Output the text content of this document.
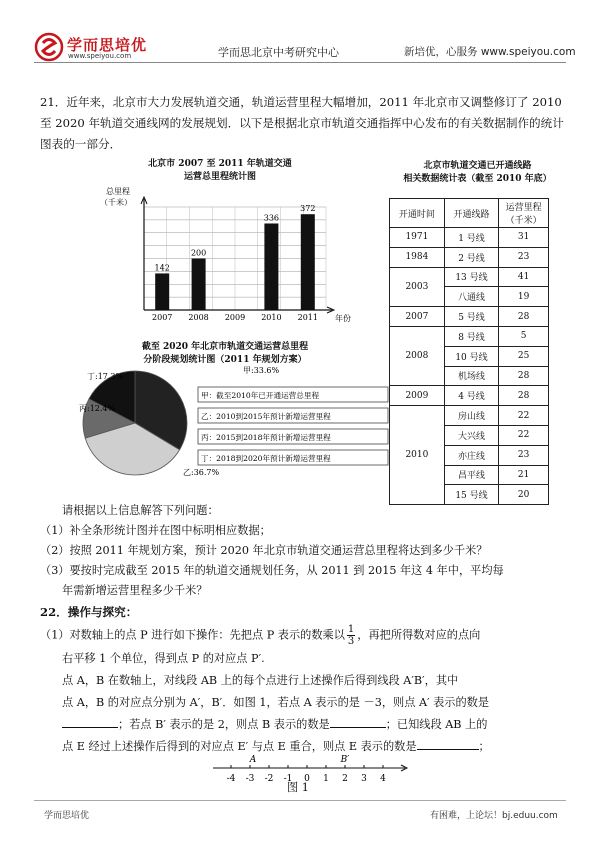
学而思培优
www.speiyou.com	学而思北京中考研究中心	新培优，心服务 www.speiyou.com
21．近年来，北京市大力发展轨道交通，轨道运营里程大幅增加，2011 年北京市又调整修订了 2010 至 2020 年轨道交通线网的发展规划．以下是根据北京市轨道交通指挥中心发布的有关数据制作的统计图表的一部分．
北京市 2007 至 2011 年轨道交通
运营总里程统计图
142
2007
200
2008 2009
336
2010
372
2011
总里程
（千米）
年份
截至 2020 年北京市轨道交通运营总里程
分阶段规划统计图（2011 年规划方案）
甲:33.6%
乙:36.7%
丙:12.4%
丁:17.3%
甲：截至2010年已开通运营总里程
乙：2010到2015年预计新增运营里程
丙：2015到2018年预计新增运营里程
丁：2018到2020年预计新增运营里程
北京市轨道交通已开通线路
相关数据统计表（截至 2010 年底）
开通时间	开通线路	运营里程
（千米）

1971	1 号线	31
1984	2 号线	23
2003	13 号线	41
	八通线	19
2007	5 号线	28
2008	8 号线	5
	10 号线	25
	机场线	28
2009	4 号线	28
2010	房山线	22
	大兴线	22
	亦庄线	23
	昌平线	21
	15 号线	20
请根据以上信息解答下列问题：
（1）补全条形统计图并在图中标明相应数据；
（2）按照 2011 年规划方案，预计 2020 年北京市轨道交通运营总里程将达到多少千米？
（3）要按时完成截至 2015 年的轨道交通规划任务，从 2011 到 2015 年这 4 年中，平均每
年需新增运营里程多少千米？
22．操作与探究：
（1）对数轴上的点 P 进行如下操作：先把点 P 表示的数乘以 $\frac{1}{3}$ ，再把所得数对应的点向
右平移 1 个单位，得到点 P 的对应点 P′.
点 A，B 在数轴上，对线段 AB 上的每个点进行上述操作后得到线段 A′B′，其中
点 A，B 的对应点分别为 A′，B′．如图 1，若点 A 表示的是 －3，则点 A′ 表示的数是
；若点 B′ 表示的是 2，则点 B 表示的数是	；已知线段 AB 上的
点 E 经过上述操作后得到的对应点 E′ 与点 E 重合，则点 E 表示的数是	；
-4 -3 -2 -1 0 1 2 3 4
A	B′
图 1
学而思培优	有困难，上论坛！bj.eduu.com
